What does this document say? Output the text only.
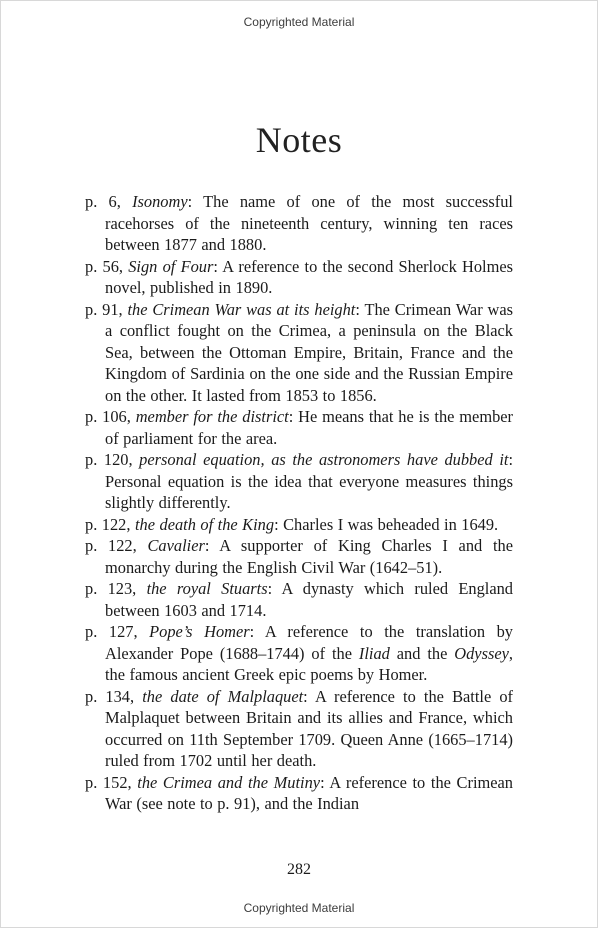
Copyrighted Material
Notes

p. 6, Isonomy: The name of one of the most successful racehorses of the nineteenth century, winning ten races between 1877 and 1880.

p. 56, Sign of Four: A reference to the second Sherlock Holmes novel, published in 1890.

p. 91, the Crimean War was at its height: The Crimean War was a conflict fought on the Crimea, a peninsula on the Black Sea, between the Ottoman Empire, Britain, France and the Kingdom of Sardinia on the one side and the Russian Empire on the other. It lasted from 1853 to 1856.

p. 106, member for the district: He means that he is the member of parliament for the area.

p. 120, personal equation, as the astronomers have dubbed it: Personal equation is the idea that everyone measures things slightly differently.

p. 122, the death of the King: Charles I was beheaded in 1649.

p. 122, Cavalier: A supporter of King Charles I and the monarchy during the English Civil War (1642–51).

p. 123, the royal Stuarts: A dynasty which ruled England between 1603 and 1714.

p. 127, Pope’s Homer: A reference to the translation by Alexander Pope (1688–1744) of the Iliad and the Odyssey, the famous ancient Greek epic poems by Homer.

p. 134, the date of Malplaquet: A reference to the Battle of Malplaquet between Britain and its allies and France, which occurred on 11th September 1709. Queen Anne (1665–1714) ruled from 1702 until her death.

p. 152, the Crimea and the Mutiny: A reference to the Crimean War (see note to p. 91), and the Indian

282
Copyrighted Material
